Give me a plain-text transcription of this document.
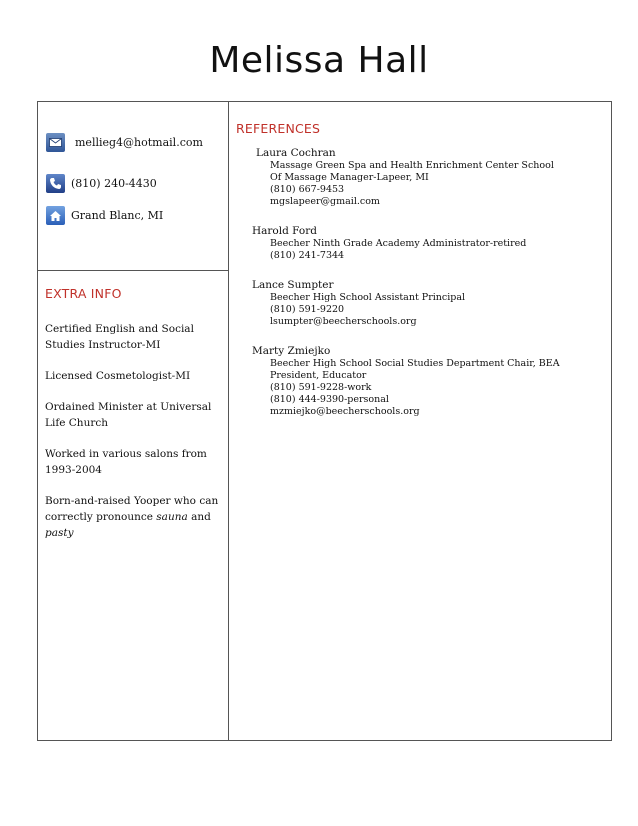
Melissa Hall
mellieg4@hotmail.com
(810) 240-4430
Grand Blanc, MI
EXTRA INFO
Certified English and Social Studies Instructor-MI
Licensed Cosmetologist-MI
Ordained Minister at Universal Life Church
Worked in various salons from 1993-2004
Born-and-raised Yooper who can correctly pronounce sauna and pasty
REFERENCES
Laura Cochran
Massage Green Spa and Health Enrichment Center School
Of Massage Manager-Lapeer, MI
(810) 667-9453
mgslapeer@gmail.com
Harold Ford
Beecher Ninth Grade Academy Administrator-retired
(810) 241-7344
Lance Sumpter
Beecher High School Assistant Principal
(810) 591-9220
lsumpter@beecherschools.org
Marty Zmiejko
Beecher High School Social Studies Department Chair, BEA
President, Educator
(810) 591-9228-work
(810) 444-9390-personal
mzmiejko@beecherschools.org
